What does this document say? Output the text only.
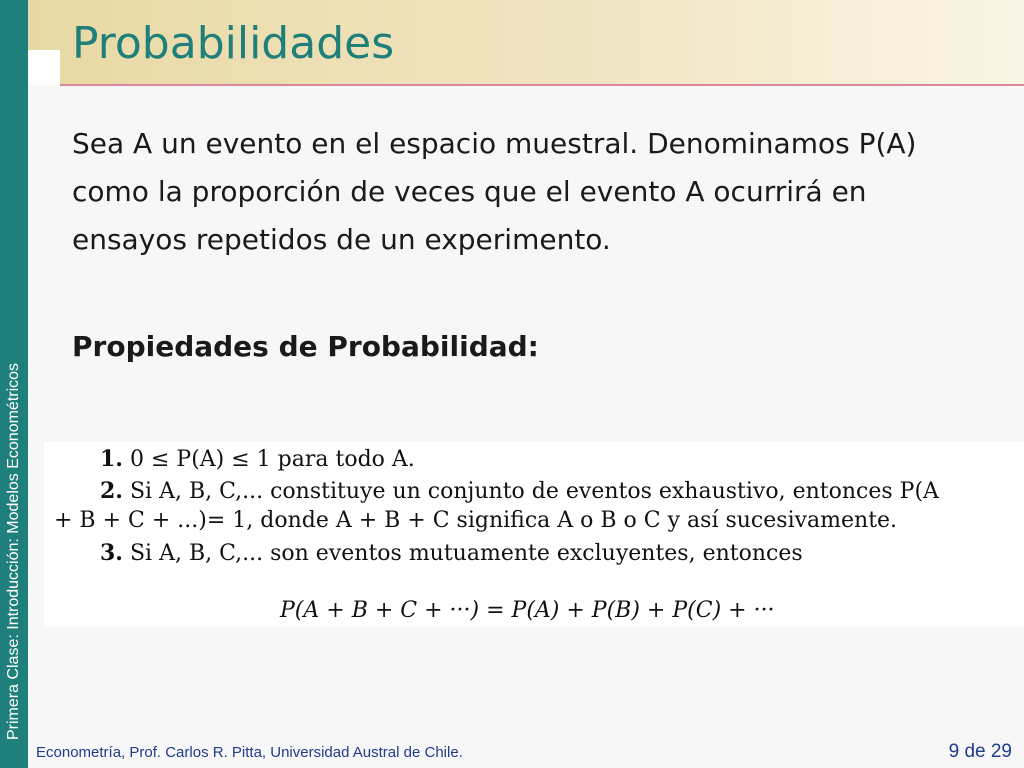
Primera Clase: Introducción: Modelos Econométricos
Probabilidades

Sea A un evento en el espacio muestral. Denominamos P(A) como la proporción de veces que el evento A ocurrirá en ensayos repetidos de un experimento.

Propiedades de Probabilidad:

1. 0 ≤ P(A) ≤ 1 para todo A.
2. Si A, B, C,... constituye un conjunto de eventos exhaustivo, entonces P(A
+ B + C + ...)= 1, donde A + B + C significa A o B o C y así sucesivamente.
3. Si A, B, C,... son eventos mutuamente excluyentes, entonces
P(A + B + C + ···) = P(A) + P(B) + P(C) + ···
Econometría, Prof. Carlos R. Pitta, Universidad Austral de Chile.	9 de 29
